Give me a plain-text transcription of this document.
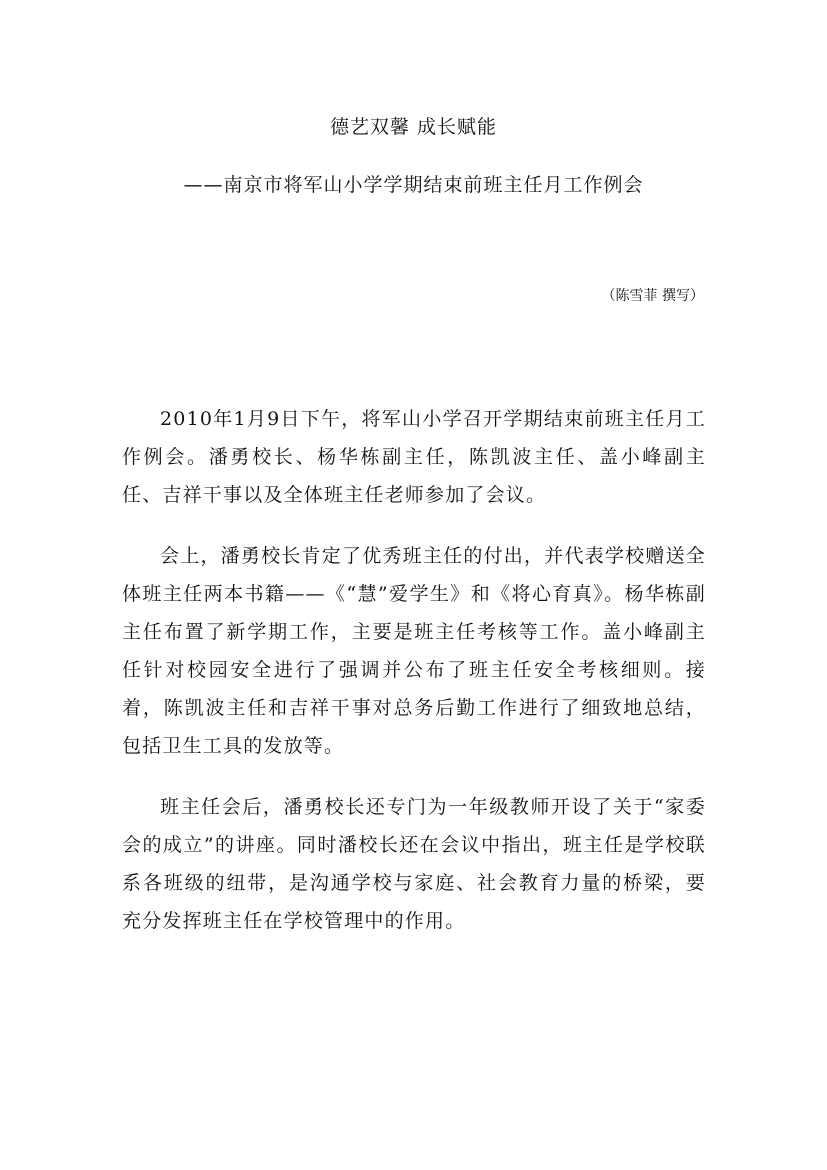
德艺双馨 成长赋能
——南京市将军山小学学期结束前班主任月工作例会
（陈雪菲 撰写）

2010年1月9日下午，将军山小学召开学期结束前班主任月工作例会。潘勇校长、杨华栋副主任，陈凯波主任、盖小峰副主任、吉祥干事以及全体班主任老师参加了会议。

会上，潘勇校长肯定了优秀班主任的付出，并代表学校赠送全体班主任两本书籍——《“慧”爱学生》和《将心育真》。杨华栋副主任布置了新学期工作，主要是班主任考核等工作。盖小峰副主任针对校园安全进行了强调并公布了班主任安全考核细则。接着，陈凯波主任和吉祥干事对总务后勤工作进行了细致地总结，包括卫生工具的发放等。

班主任会后，潘勇校长还专门为一年级教师开设了关于“家委会的成立”的讲座。同时潘校长还在会议中指出，班主任是学校联系各班级的纽带，是沟通学校与家庭、社会教育力量的桥梁，要充分发挥班主任在学校管理中的作用。
